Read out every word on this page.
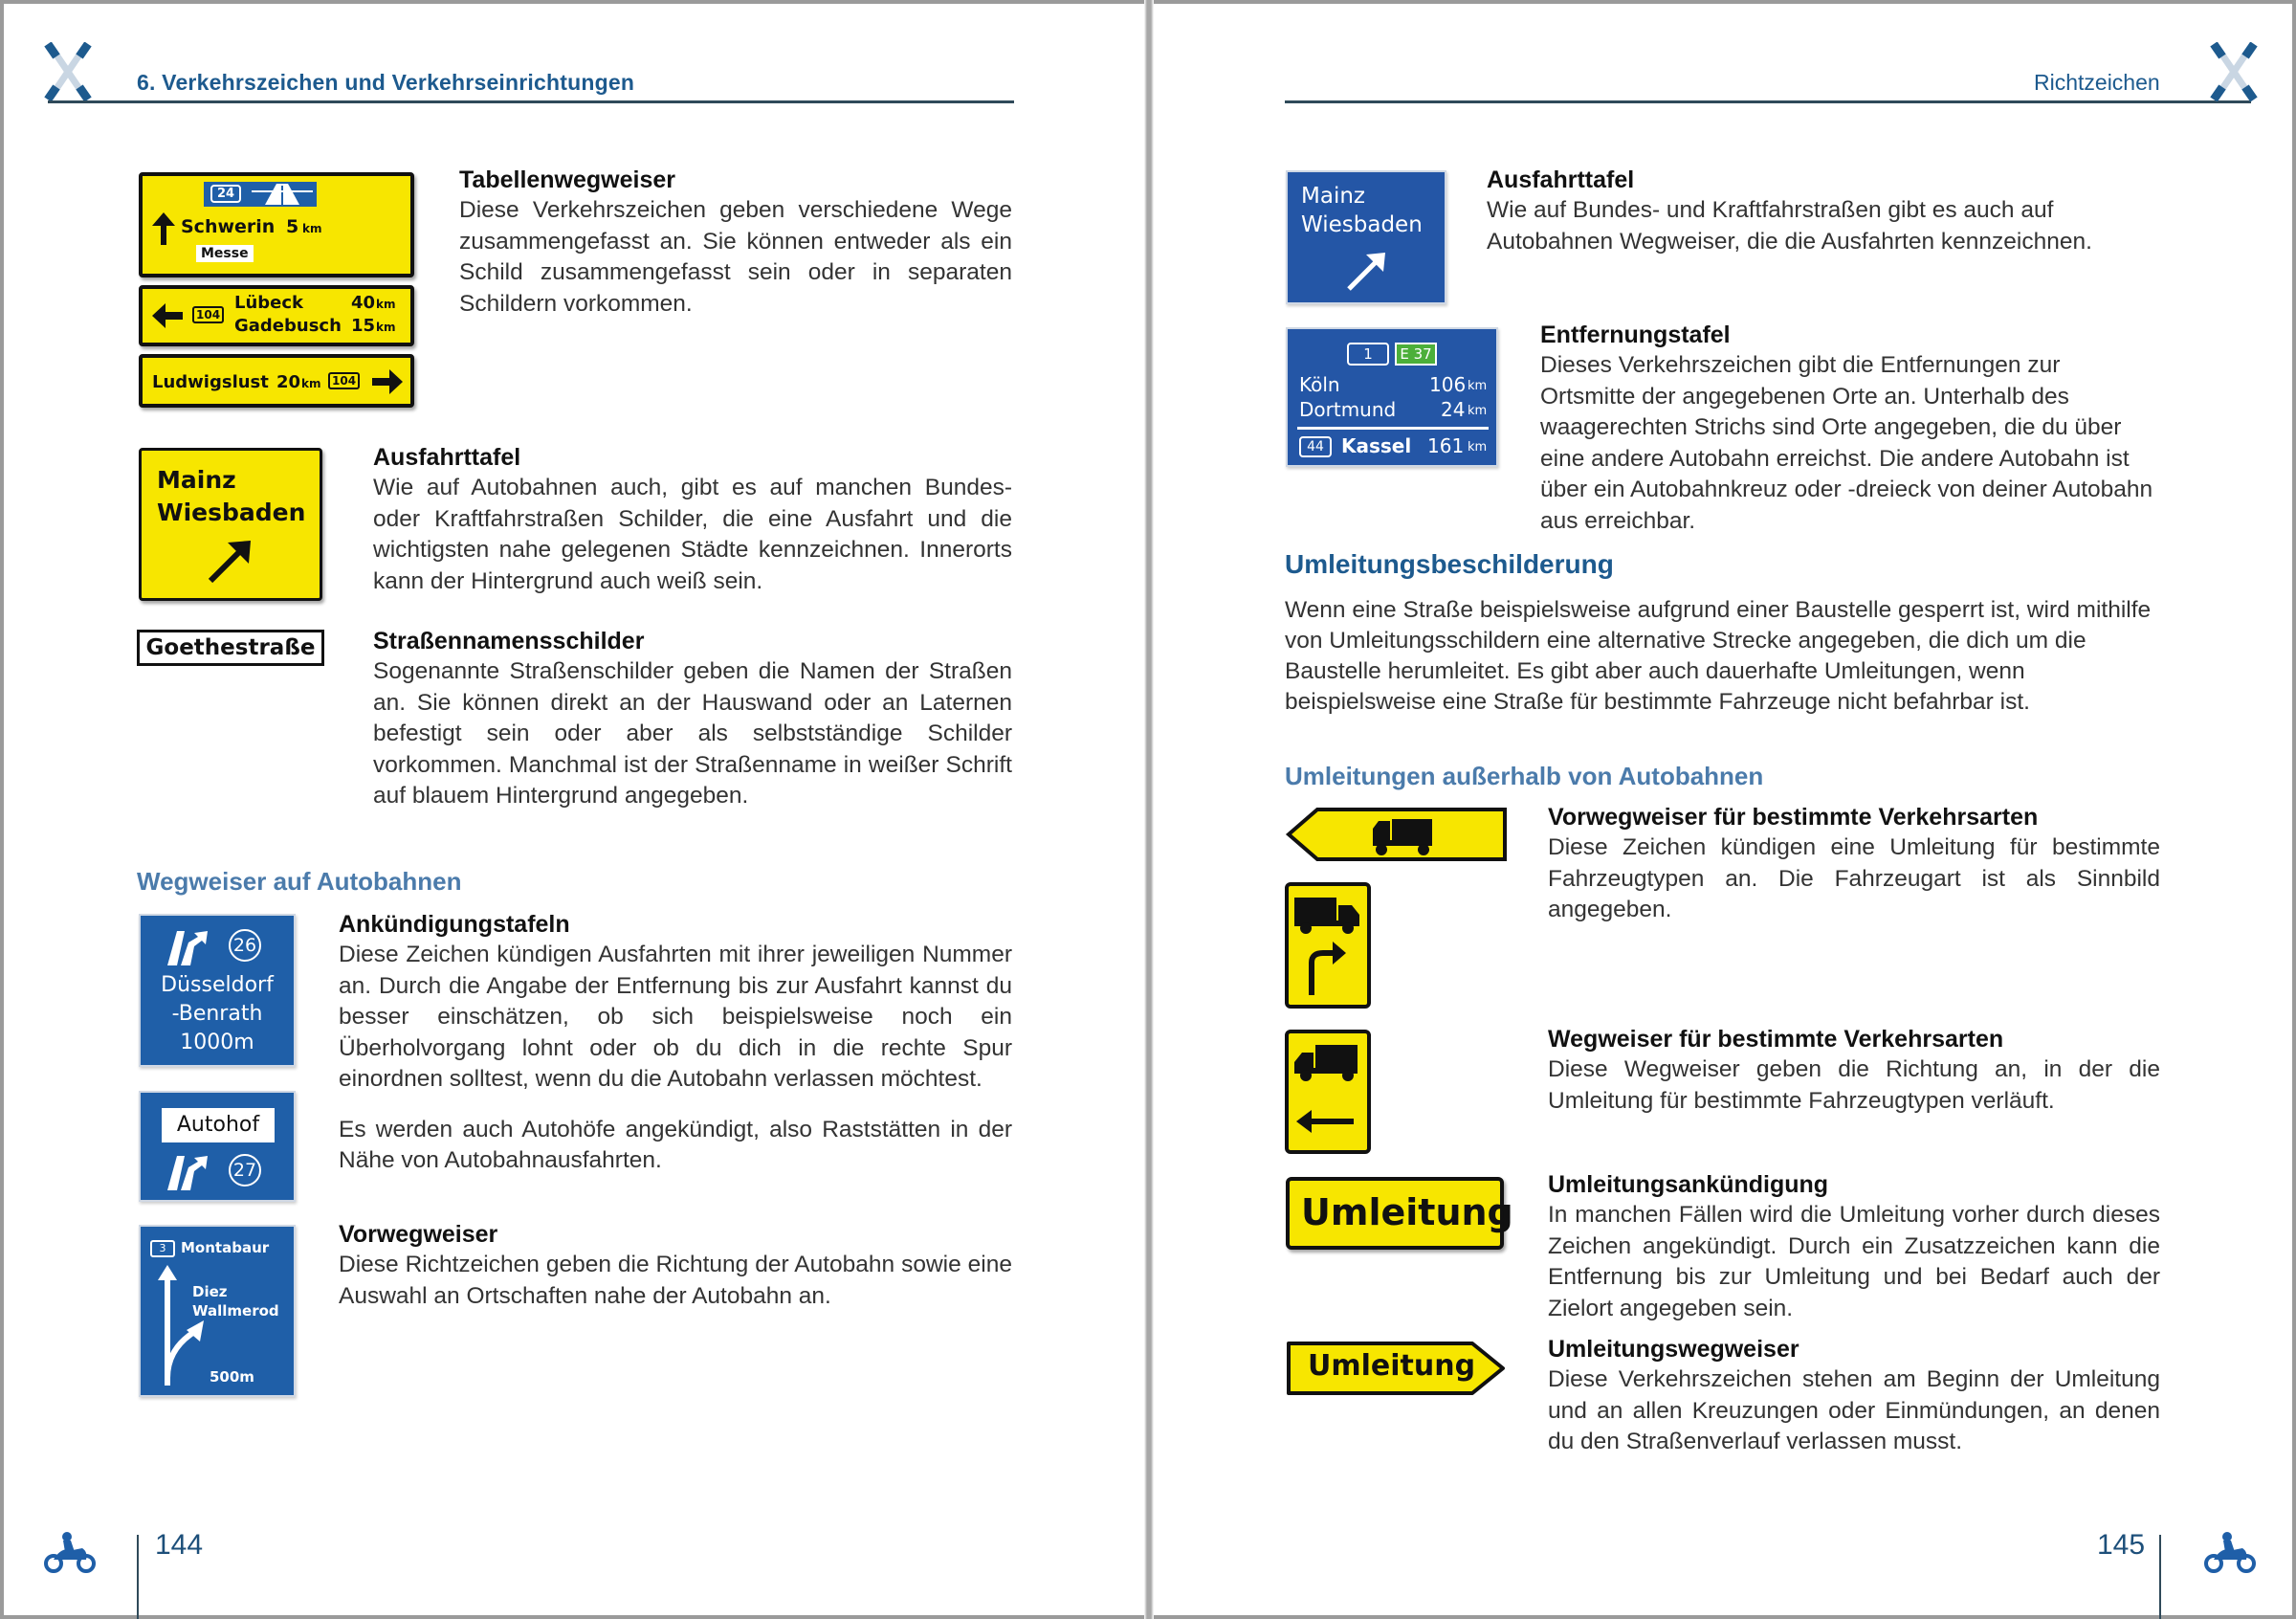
6. Verkehrszeichen und Verkehrseinrichtungen
24
Schwerin 5 km
Messe
104
Lübeck	40 km
Gadebusch 15 km
Ludwigslust 20 km 104
Tabellenwegweiser

Diese Verkehrszeichen geben verschiedene Wege zusammengefasst an. Sie können entweder als ein Schild zusammengefasst sein oder in separaten Schildern vorkommen.

Mainz
Wiesbaden
Ausfahrttafel

Wie auf Autobahnen auch, gibt es auf manchen Bundes- oder Kraftfahrstraßen Schilder, die eine Ausfahrt und die wichtigsten nahe gelegenen Städte kennzeichnen. Innerorts kann der Hintergrund auch weiß sein.

Goethestraße	Straßennamensschilder

Sogenannte Straßenschilder geben die Namen der Straßen an. Sie können direkt an der Hauswand oder an Laternen befestigt sein oder aber als selbstständige Schilder vorkommen. Manchmal ist der Straßenname in weißer Schrift auf blauem Hintergrund angegeben.

Wegweiser auf Autobahnen
26
Düsseldorf
-Benrath
1000m
Autohof
27
Ankündigungstafeln

Diese Zeichen kündigen Ausfahrten mit ihrer jeweiligen Nummer an. Durch die Angabe der Entfernung bis zur Ausfahrt kannst du besser einschätzen, ob sich beispielsweise noch ein Überholvorgang lohnt oder ob du dich in die rechte Spur einordnen solltest, wenn du die Autobahn verlassen möchtest.

Es werden auch Autohöfe angekündigt, also Raststätten in der Nähe von Autobahnausfahrten.

3	Montabaur
Diez
Wallmerod
500m
Vorwegweiser

Diese Richtzeichen geben die Richtung der Autobahn sowie eine Auswahl an Ortschaften nahe der Autobahn an.

144
Richtzeichen
Mainz
Wiesbaden
Ausfahrttafel

Wie auf Bundes- und Kraftfahrstraßen gibt es auch auf Autobahnen Wegweiser, die die Ausfahrten kennzeichnen.

1	E 37
Köln	106 km
Dortmund 24 km
44 Kassel 161 km
Entfernungstafel

Dieses Verkehrszeichen gibt die Entfernungen zur Ortsmitte der angegebenen Orte an. Unterhalb des waagerechten Strichs sind Orte angegeben, die du über eine andere Autobahn erreichst. Die andere Autobahn ist über ein Autobahnkreuz oder -dreieck von deiner Autobahn aus erreichbar.

Umleitungsbeschilderung
Wenn eine Straße beispielsweise aufgrund einer Baustelle gesperrt ist, wird mithilfe von Umleitungsschildern eine alternative Strecke angegeben, die dich um die Baustelle herumleitet. Es gibt aber auch dauerhafte Umleitungen, wenn beispielsweise eine Straße für bestimmte Fahrzeuge nicht befahrbar ist.
Umleitungen außerhalb von Autobahnen
Vorwegweiser für bestimmte Verkehrsarten

Diese Zeichen kündigen eine Umleitung für bestimmte Fahrzeugtypen an. Die Fahrzeugart ist als Sinnbild angegeben.

Wegweiser für bestimmte Verkehrsarten

Diese Wegweiser geben die Richtung an, in der die Umleitung für bestimmte Fahrzeugtypen verläuft.

Umleitung
Umleitungsankündigung

In manchen Fällen wird die Umleitung vorher durch dieses Zeichen angekündigt. Durch ein Zusatzzeichen kann die Entfernung bis zur Umleitung und bei Bedarf auch der Zielort angegeben sein.

Umleitung	Umleitungswegweiser

Diese Verkehrszeichen stehen am Beginn der Umleitung und an allen Kreuzungen oder Einmündungen, an denen du den Straßenverlauf verlassen musst.

145
